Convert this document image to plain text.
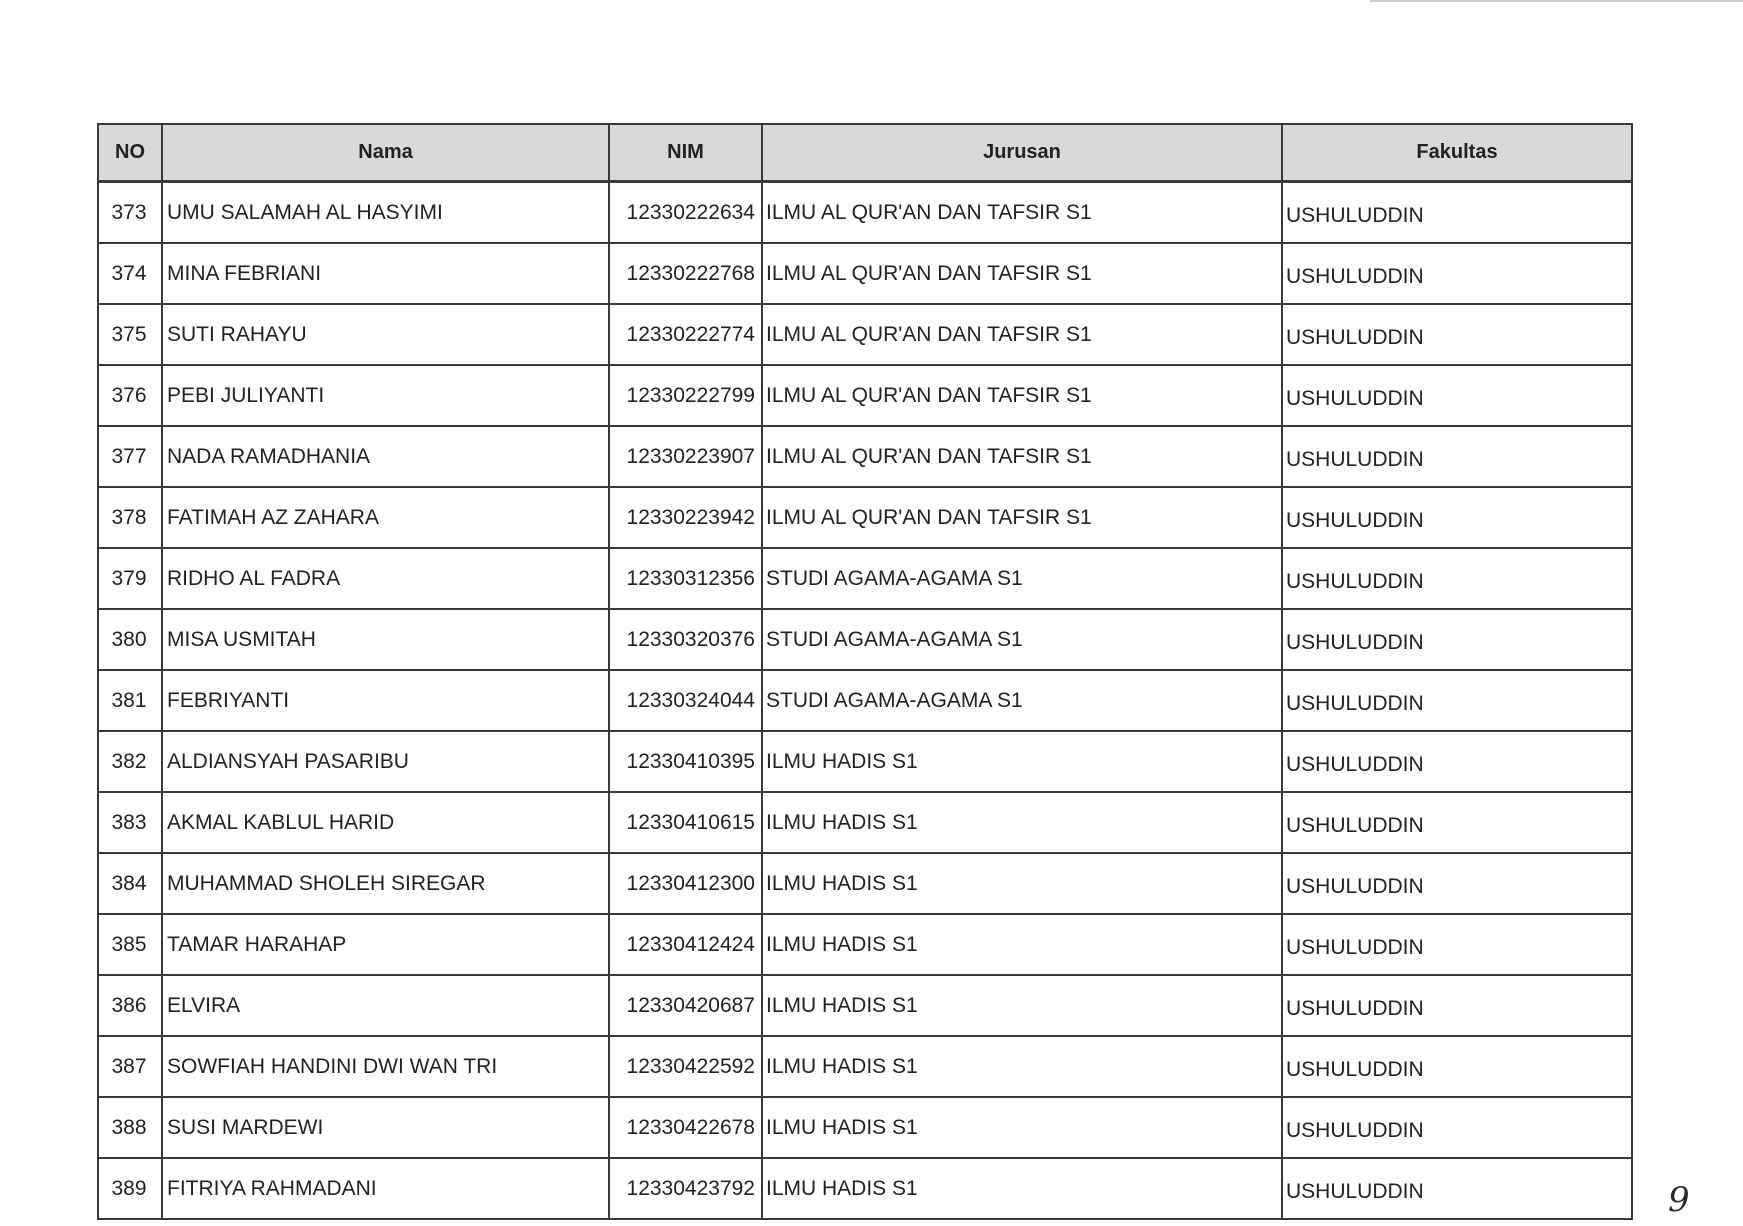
NO	Nama	NIM	Jurusan	Fakultas
373	UMU SALAMAH AL HASYIMI	12330222634	ILMU AL QUR'AN DAN TAFSIR S1	USHULUDDIN
374	MINA FEBRIANI	12330222768	ILMU AL QUR'AN DAN TAFSIR S1	USHULUDDIN
375	SUTI RAHAYU	12330222774	ILMU AL QUR'AN DAN TAFSIR S1	USHULUDDIN
376	PEBI JULIYANTI	12330222799	ILMU AL QUR'AN DAN TAFSIR S1	USHULUDDIN
377	NADA RAMADHANIA	12330223907	ILMU AL QUR'AN DAN TAFSIR S1	USHULUDDIN
378	FATIMAH AZ ZAHARA	12330223942	ILMU AL QUR'AN DAN TAFSIR S1	USHULUDDIN
379	RIDHO AL FADRA	12330312356	STUDI AGAMA-AGAMA S1	USHULUDDIN
380	MISA USMITAH	12330320376	STUDI AGAMA-AGAMA S1	USHULUDDIN
381	FEBRIYANTI	12330324044	STUDI AGAMA-AGAMA S1	USHULUDDIN
382	ALDIANSYAH PASARIBU	12330410395	ILMU HADIS S1	USHULUDDIN
383	AKMAL KABLUL HARID	12330410615	ILMU HADIS S1	USHULUDDIN
384	MUHAMMAD SHOLEH SIREGAR	12330412300	ILMU HADIS S1	USHULUDDIN
385	TAMAR HARAHAP	12330412424	ILMU HADIS S1	USHULUDDIN
386	ELVIRA	12330420687	ILMU HADIS S1	USHULUDDIN
387	SOWFIAH HANDINI DWI WAN TRI	12330422592	ILMU HADIS S1	USHULUDDIN
388	SUSI MARDEWI	12330422678	ILMU HADIS S1	USHULUDDIN
389	FITRIYA RAHMADANI	12330423792	ILMU HADIS S1	USHULUDDIN	9
